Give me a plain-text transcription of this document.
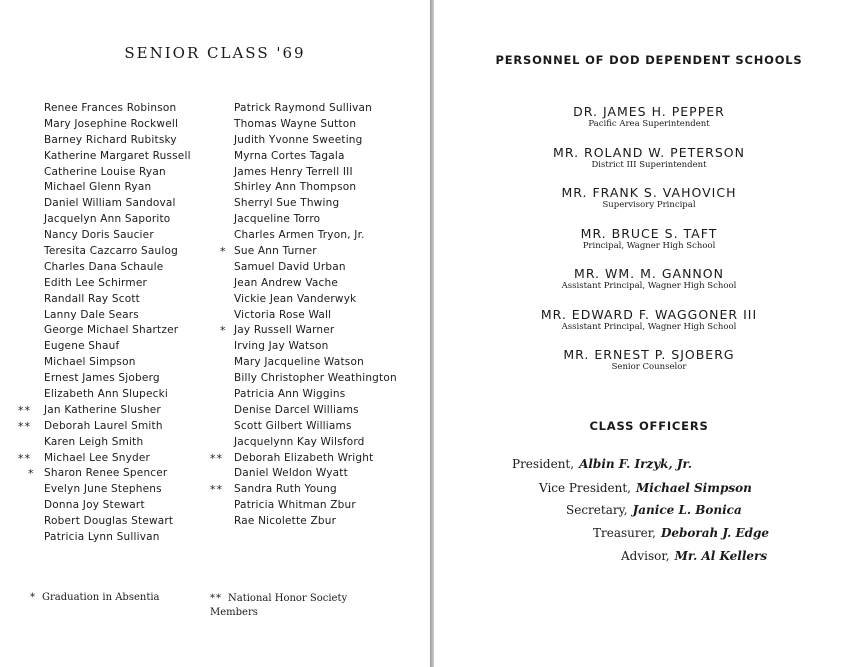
SENIOR CLASS '69
Renee Frances Robinson
Mary Josephine Rockwell
Barney Richard Rubitsky
Katherine Margaret Russell
Catherine Louise Ryan
Michael Glenn Ryan
Daniel William Sandoval
Jacquelyn Ann Saporito
Nancy Doris Saucier
Teresita Cazcarro Saulog
Charles Dana Schaule
Edith Lee Schirmer
Randall Ray Scott
Lanny Dale Sears
George Michael Shartzer
Eugene Shauf
Michael Simpson
Ernest James Sjoberg
Elizabeth Ann Slupecki
** Jan Katherine Slusher
** Deborah Laurel Smith
Karen Leigh Smith
** Michael Lee Snyder
* Sharon Renee Spencer
Evelyn June Stephens
Donna Joy Stewart
Robert Douglas Stewart
Patricia Lynn Sullivan
Patrick Raymond Sullivan
Thomas Wayne Sutton
Judith Yvonne Sweeting
Myrna Cortes Tagala
James Henry Terrell III
Shirley Ann Thompson
Sherryl Sue Thwing
Jacqueline Torro
Charles Armen Tryon, Jr.
* Sue Ann Turner
Samuel David Urban
Jean Andrew Vache
Vickie Jean Vanderwyk
Victoria Rose Wall
* Jay Russell Warner
Irving Jay Watson
Mary Jacqueline Watson
Billy Christopher Weathington
Patricia Ann Wiggins
Denise Darcel Williams
Scott Gilbert Williams
Jacquelynn Kay Wilsford
** Deborah Elizabeth Wright
Daniel Weldon Wyatt
** Sandra Ruth Young
Patricia Whitman Zbur
Rae Nicolette Zbur
* Graduation in Absentia	** National Honor Society Members
PERSONNEL OF DOD DEPENDENT SCHOOLS
DR. JAMES H. PEPPER
Pacific Area Superintendent
MR. ROLAND W. PETERSON
District III Superintendent
MR. FRANK S. VAHOVICH
Supervisory Principal
MR. BRUCE S. TAFT
Principal, Wagner High School
MR. WM. M. GANNON
Assistant Principal, Wagner High School
MR. EDWARD F. WAGGONER III
Assistant Principal, Wagner High School
MR. ERNEST P. SJOBERG
Senior Counselor
CLASS OFFICERS
President, Albin F. Irzyk, Jr.
Vice President, Michael Simpson
Secretary, Janice L. Bonica
Treasurer, Deborah J. Edge
Advisor, Mr. Al Kellers
